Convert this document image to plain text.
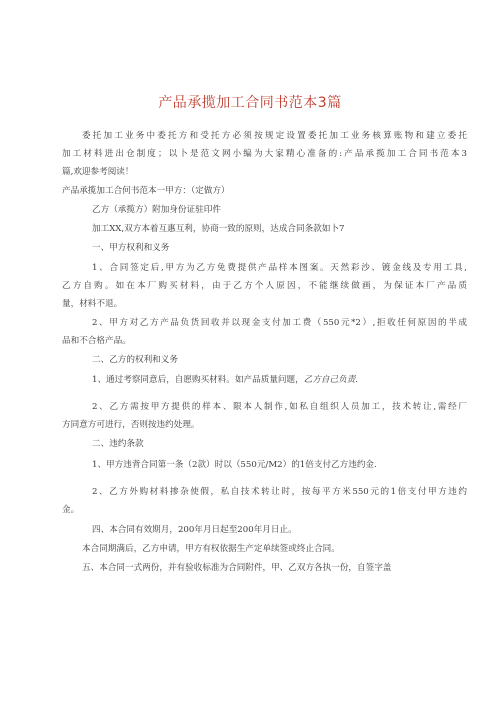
产品承揽加工合同书范本3篇
委托加工业务中委托方和受托方必须按规定设置委托加工业务核算账物和建立委托
加工材料进出仓制度；以卜是范文网小编为大家精心准备的:产品承揽加工合同书范本3
篇,欢迎参考阅读！
产品承揽加工合何书范本一甲方：（定做方）
乙方（承揽方）附加身份证驻印件
加工XX,双方本着互惠互利，协商一致的原则，达成合同条款如卜7
一、甲方权利和义务
1、合同签定后,甲方为乙方免费提供产品样本图案。天然彩沙、镀金线及专用工具,
乙方自购。如在本厂购买材料，由于乙方个人原因，不能继续做画，为保证本厂产品质
量，材料不退。
2、甲方对乙方产品负货回收并以现金支付加工费（550元*2）,拒收任何原因的半成
品和不合格产品。
二、乙方的权利和义务
1、通过考察同意后，自愿购买材料。如产品质量问题，乙方自己负责.
2、乙方需按甲方提供的样本、限本人制作,如私自组织人员加工，技术转让,需经厂
方同意方可进行，否则按违约处理。
二、违约条款
1、甲方违背合同第一条（2款）时以（550元/M2）的1倍支付乙方违约金.
2、乙方外购材料掺杂使假，私自技术转让时，按每平方米550元的1倍支付甲方违约
金。
四、本合同有效期月，200年月日起至200年月日止。
本合同期满后，乙方申请，甲方有权依据生产定单续签或终止合同。
五、本合同一式两份，并有验收标准为合同附件，甲、乙双方各执一份，自签字盖
